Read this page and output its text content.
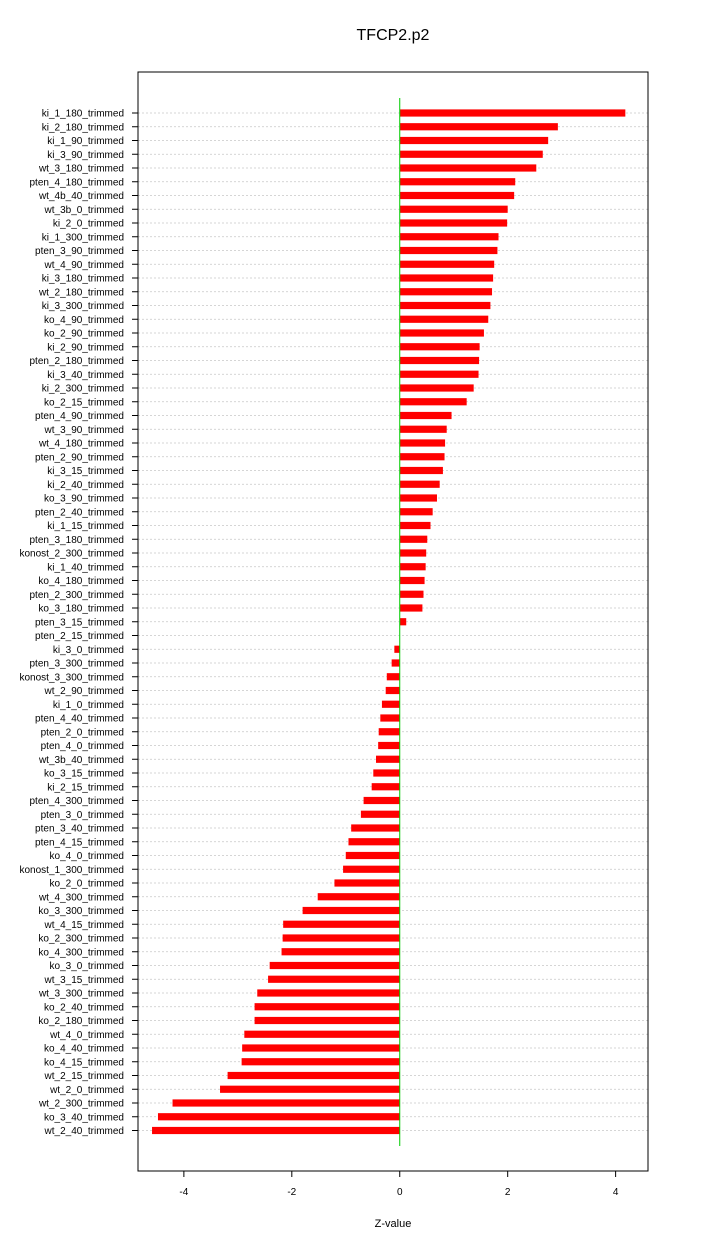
TFCP2.p2
ki_1_180_trimmed
ki_2_180_trimmed
ki_1_90_trimmed
ki_3_90_trimmed
wt_3_180_trimmed
pten_4_180_trimmed
wt_4b_40_trimmed
wt_3b_0_trimmed
ki_2_0_trimmed
ki_1_300_trimmed
pten_3_90_trimmed
wt_4_90_trimmed
ki_3_180_trimmed
wt_2_180_trimmed
ki_3_300_trimmed
ko_4_90_trimmed
ko_2_90_trimmed
ki_2_90_trimmed
pten_2_180_trimmed
ki_3_40_trimmed
ki_2_300_trimmed
ko_2_15_trimmed
pten_4_90_trimmed
wt_3_90_trimmed
wt_4_180_trimmed
pten_2_90_trimmed
ki_3_15_trimmed
ki_2_40_trimmed
ko_3_90_trimmed
pten_2_40_trimmed
ki_1_15_trimmed
pten_3_180_trimmed
konost_2_300_trimmed
ki_1_40_trimmed
ko_4_180_trimmed
pten_2_300_trimmed
ko_3_180_trimmed
pten_3_15_trimmed
pten_2_15_trimmed
ki_3_0_trimmed
pten_3_300_trimmed
konost_3_300_trimmed
wt_2_90_trimmed
ki_1_0_trimmed
pten_4_40_trimmed
pten_2_0_trimmed
pten_4_0_trimmed
wt_3b_40_trimmed
ko_3_15_trimmed
ki_2_15_trimmed
pten_4_300_trimmed
pten_3_0_trimmed
pten_3_40_trimmed
pten_4_15_trimmed
ko_4_0_trimmed
konost_1_300_trimmed
ko_2_0_trimmed
wt_4_300_trimmed
ko_3_300_trimmed
wt_4_15_trimmed
ko_2_300_trimmed
ko_4_300_trimmed
ko_3_0_trimmed
wt_3_15_trimmed
wt_3_300_trimmed
ko_2_40_trimmed
ko_2_180_trimmed
wt_4_0_trimmed
ko_4_40_trimmed
ko_4_15_trimmed
wt_2_15_trimmed
wt_2_0_trimmed
wt_2_300_trimmed
ko_3_40_trimmed
wt_2_40_trimmed
-4	-2	0	2	4
Z-value
